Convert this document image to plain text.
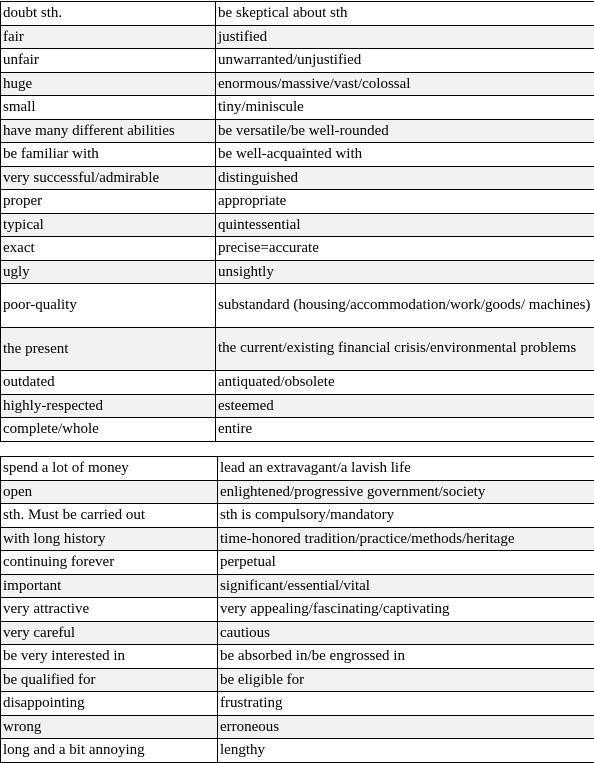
doubt sth.	be skeptical about sth
fair	justified
unfair	unwarranted/unjustified
huge	enormous/massive/vast/colossal
small	tiny/miniscule
have many different abilities	be versatile/be well-rounded
be familiar with	be well-acquainted with
very successful/admirable	distinguished
proper	appropriate
typical	quintessential
exact	precise=accurate
ugly	unsightly
poor-quality	substandard (housing/accommodation/work/goods/ machines)
the present	the current/existing financial crisis/environmental problems
outdated	antiquated/obsolete
highly-respected	esteemed
complete/whole	entire
spend a lot of money	lead an extravagant/a lavish life
open	enlightened/progressive government/society
sth. Must be carried out	sth is compulsory/mandatory
with long history	time-honored tradition/practice/methods/heritage
continuing forever	perpetual
important	significant/essential/vital
very attractive	very appealing/fascinating/captivating
very careful	cautious
be very interested in	be absorbed in/be engrossed in
be qualified for	be eligible for
disappointing	frustrating
wrong	erroneous
long and a bit annoying	lengthy
